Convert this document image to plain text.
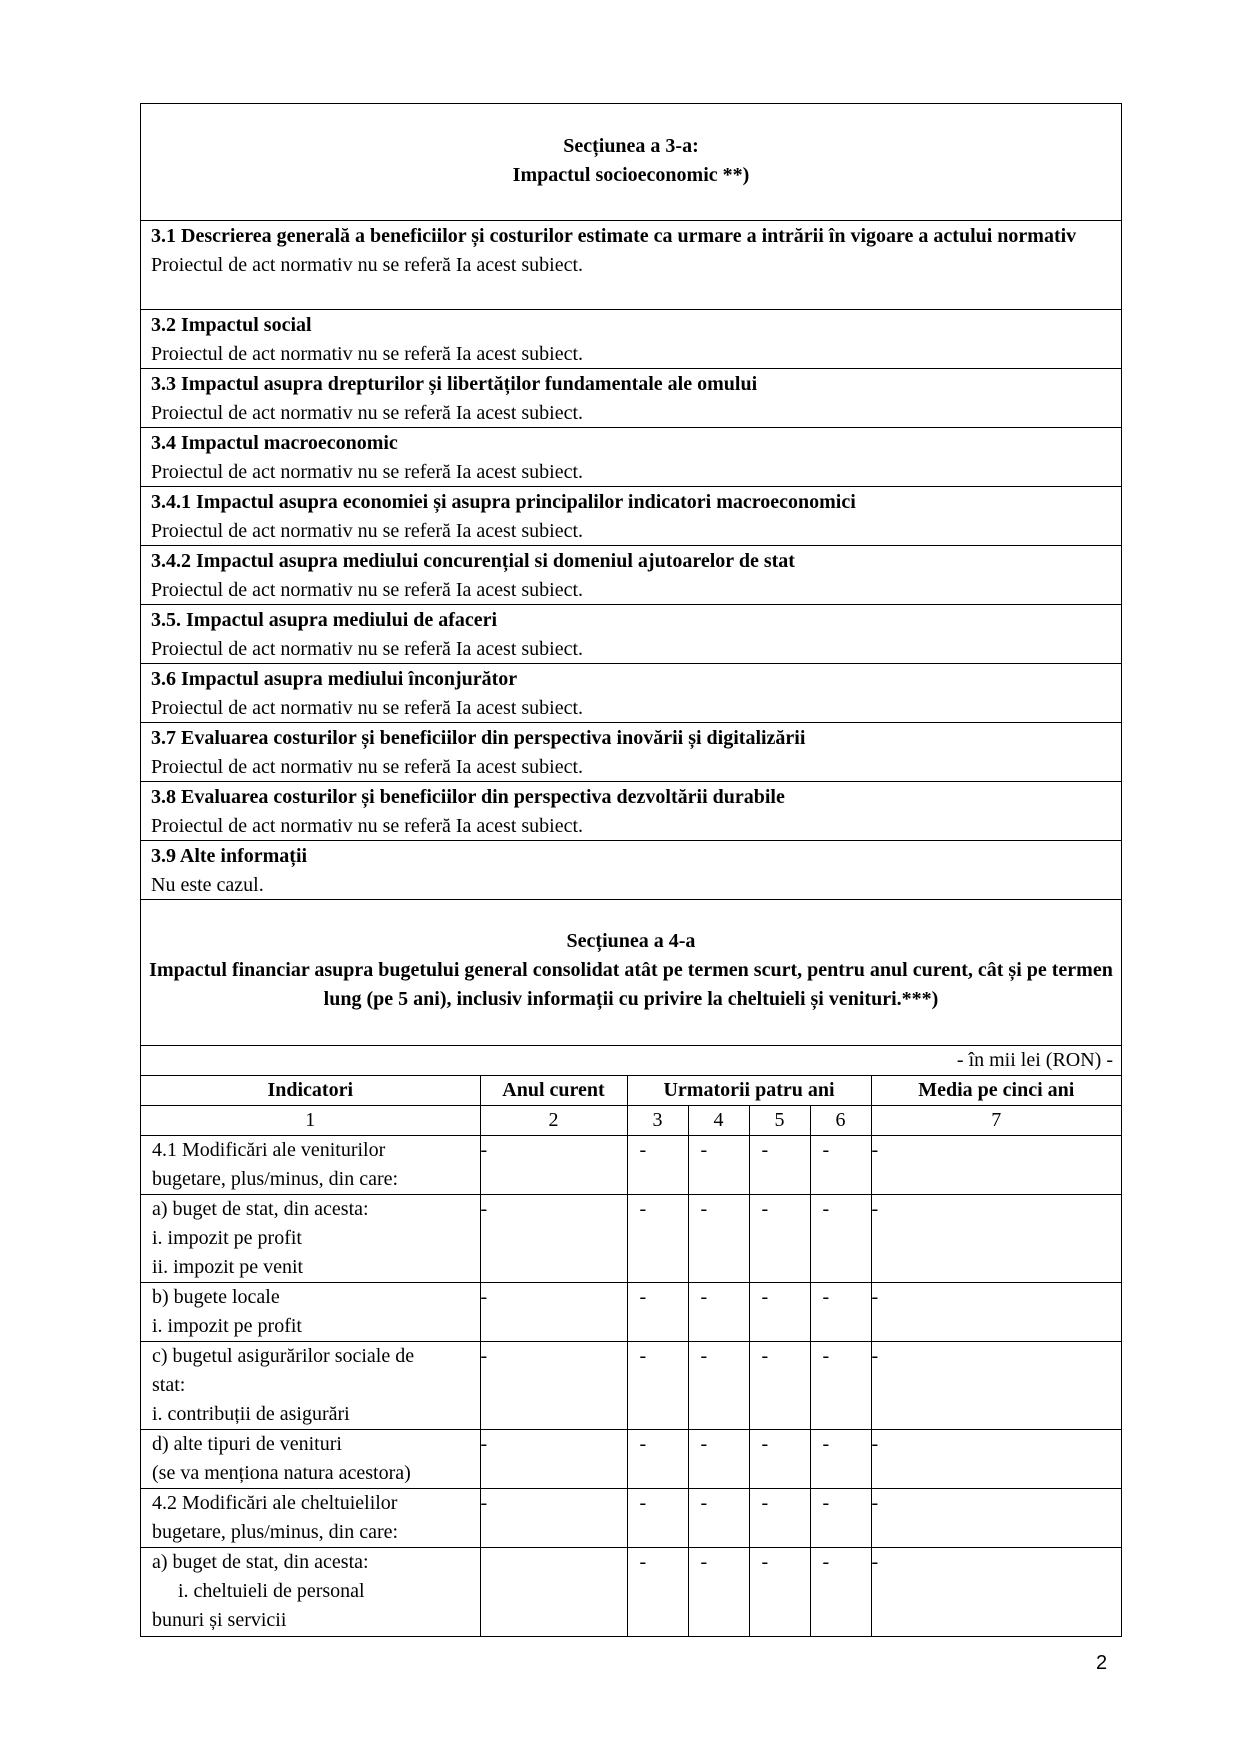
Secțiunea a 3-a:
Impactul socioeconomic **)
3.1 Descrierea generală a beneficiilor și costurilor estimate ca urmare a intrării în vigoare a actului normativ
Proiectul de act normativ nu se referă Ia acest subiect.
3.2 Impactul social
Proiectul de act normativ nu se referă Ia acest subiect.
3.3 Impactul asupra drepturilor și libertăților fundamentale ale omului
Proiectul de act normativ nu se referă Ia acest subiect.
3.4 Impactul macroeconomic
Proiectul de act normativ nu se referă Ia acest subiect.
3.4.1 Impactul asupra economiei și asupra principalilor indicatori macroeconomici
Proiectul de act normativ nu se referă Ia acest subiect.
3.4.2 Impactul asupra mediului concurențial si domeniul ajutoarelor de stat
Proiectul de act normativ nu se referă Ia acest subiect.
3.5. Impactul asupra mediului de afaceri
Proiectul de act normativ nu se referă Ia acest subiect.
3.6 Impactul asupra mediului înconjurător
Proiectul de act normativ nu se referă Ia acest subiect.
3.7 Evaluarea costurilor și beneficiilor din perspectiva inovării și digitalizării
Proiectul de act normativ nu se referă Ia acest subiect.
3.8 Evaluarea costurilor și beneficiilor din perspectiva dezvoltării durabile
Proiectul de act normativ nu se referă Ia acest subiect.
3.9 Alte informații
Nu este cazul.
Secțiunea a 4-a
Impactul financiar asupra bugetului general consolidat atât pe termen scurt, pentru anul curent, cât și pe termen lung (pe 5 ani), inclusiv informații cu privire la cheltuieli și venituri.***)
- în mii lei (RON) -
Indicatori	Anul curent	Urmatorii patru ani				Media pe cinci ani
1	2	3	4	5	6	7

4.1 Modificări ale veniturilor
bugetare, plus/minus, din care:	-	-	-	-	-	-

a) buget de stat, din acesta:
i. impozit pe profit
ii. impozit pe venit	-	-	-	-	-	-

b) bugete locale
i. impozit pe profit	-	-	-	-	-	-

c) bugetul asigurărilor sociale de
stat:
i. contribuții de asigurări	-	-	-	-	-	-

d) alte tipuri de venituri
(se va menționa natura acestora)	-	-	-	-	-	-

4.2 Modificări ale cheltuielilor
bugetare, plus/minus, din care:	-	-	-	-	-	-

a) buget de stat, din acesta:
i. cheltuieli de personal
bunuri și servicii		-	-	-	-	-
2
